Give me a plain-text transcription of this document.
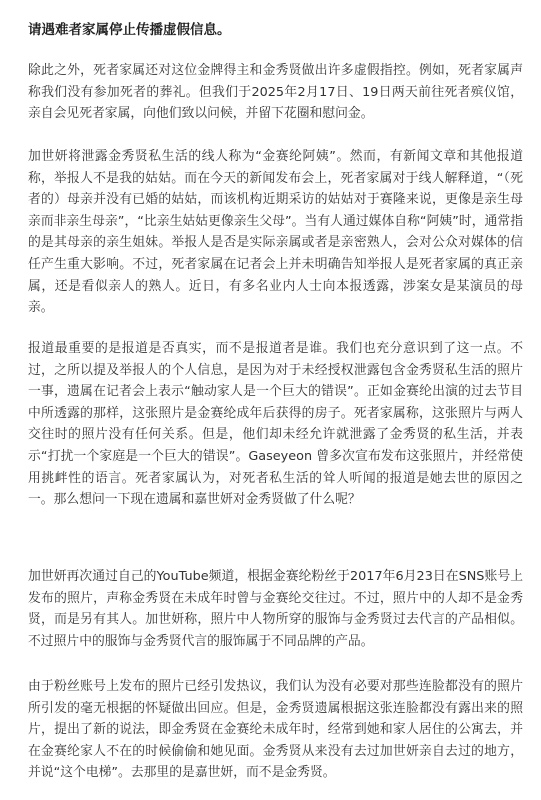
请遇难者家属停止传播虚假信息。

除此之外，死者家属还对这位金牌得主和金秀贤做出许多虚假指控。例如，死者家属声称我们没有参加死者的葬礼。但我们于2025年2月17日、19日两天前往死者殡仪馆，亲自会见死者家属，向他们致以问候，并留下花圈和慰问金。

加世妍将泄露金秀贤私生活的线人称为“金赛纶阿姨”。然而，有新闻文章和其他报道称，举报人不是我的姑姑。而在今天的新闻发布会上，死者家属对于线人解释道，“（死者的）母亲并没有已婚的姑姑，而该机构近期采访的姑姑对于赛隆来说，更像是亲生母亲而非亲生母亲”，“比亲生姑姑更像亲生父母”。当有人通过媒体自称“阿姨”时，通常指的是其母亲的亲生姐妹。举报人是否是实际亲属或者是亲密熟人，会对公众对媒体的信任产生重大影响。不过，死者家属在记者会上并未明确告知举报人是死者家属的真正亲属，还是看似亲人的熟人。近日，有多名业内人士向本报透露，涉案女是某演员的母亲。

报道最重要的是报道是否真实，而不是报道者是谁。我们也充分意识到了这一点。不过，之所以提及举报人的个人信息，是因为对于未经授权泄露包含金秀贤私生活的照片一事，遗属在记者会上表示“触动家人是一个巨大的错误”。正如金赛纶出演的过去节目中所透露的那样，这张照片是金赛纶成年后获得的房子。死者家属称，这张照片与两人交往时的照片没有任何关系。但是，他们却未经允许就泄露了金秀贤的私生活，并表示“打扰一个家庭是一个巨大的错误”。Gaseyeon 曾多次宣布发布这张照片，并经常使用挑衅性的语言。死者家属认为，对死者私生活的耸人听闻的报道是她去世的原因之一。那么想问一下现在遗属和嘉世妍对金秀贤做了什么呢？

加世妍再次通过自己的YouTube频道，根据金赛纶粉丝于2017年6月23日在SNS账号上发布的照片，声称金秀贤在未成年时曾与金赛纶交往过。不过，照片中的人却不是金秀贤，而是另有其人。加世妍称，照片中人物所穿的服饰与金秀贤过去代言的产品相似。不过照片中的服饰与金秀贤代言的服饰属于不同品牌的产品。

由于粉丝账号上发布的照片已经引发热议，我们认为没有必要对那些连脸都没有的照片所引发的毫无根据的怀疑做出回应。但是，金秀贤遗属根据这张连脸都没有露出来的照片，提出了新的说法，即金秀贤在金赛纶未成年时，经常到她和家人居住的公寓去，并在金赛纶家人不在的时候偷偷和她见面。金秀贤从来没有去过加世妍亲自去过的地方，并说“这个电梯”。去那里的是嘉世妍，而不是金秀贤。
